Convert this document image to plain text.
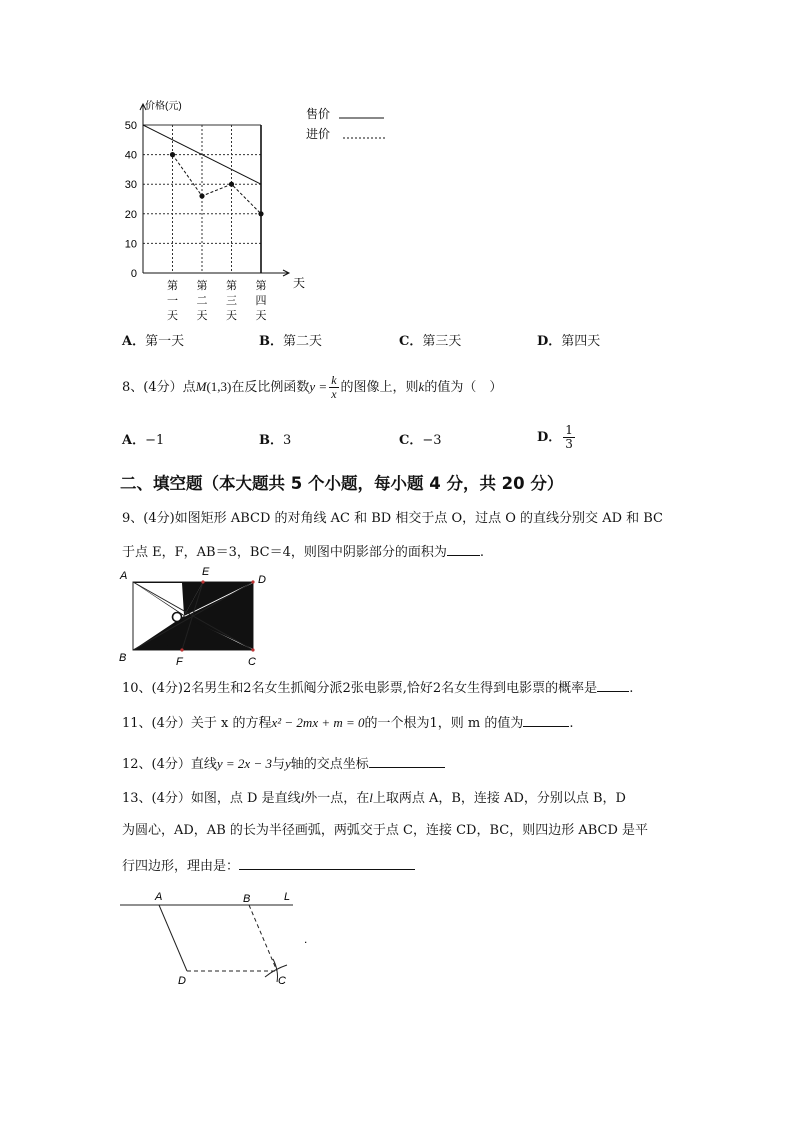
0
10
20
30
40
50
价格(元)
天
第
一
天
第
二
天
第
三
天
第
四
天
售价
进价
A．第一天	B．第二天	C．第三天	D．第四天
8、(4分）点M(1,3)在反比例函数$y = \frac{k}{x}$ 的图像上，则k的值为（　）
A．−1	B．3	C．−3	D． $\frac{1}{3}$
二、填空题（本大题共 5 个小题，每小题 4 分，共 20 分）
9、(4分)如图矩形 ABCD 的对角线 AC 和 BD 相交于点 O，过点 O 的直线分别交 AD 和 BC
于点 E，F，AB＝3，BC＝4，则图中阴影部分的面积为	.
A	E
D
B	F	C
10、(4分)2名男生和2名女生抓阄分派2张电影票,恰好2名女生得到电影票的概率是 .
11、(4分）关于 x 的方程x² − 2mx + m = 0的一个根为1，则 m 的值为	.
12、(4分）直线y = 2x − 3与y轴的交点坐标
13、(4分）如图，点 D 是直线l外一点，在l上取两点 A，B，连接 AD，分别以点 B，D
为圆心，AD，AB 的长为半径画弧，两弧交于点 C，连接 CD，BC，则四边形 ABCD 是平
行四边形，理由是：
A	B	L
D	C
.
